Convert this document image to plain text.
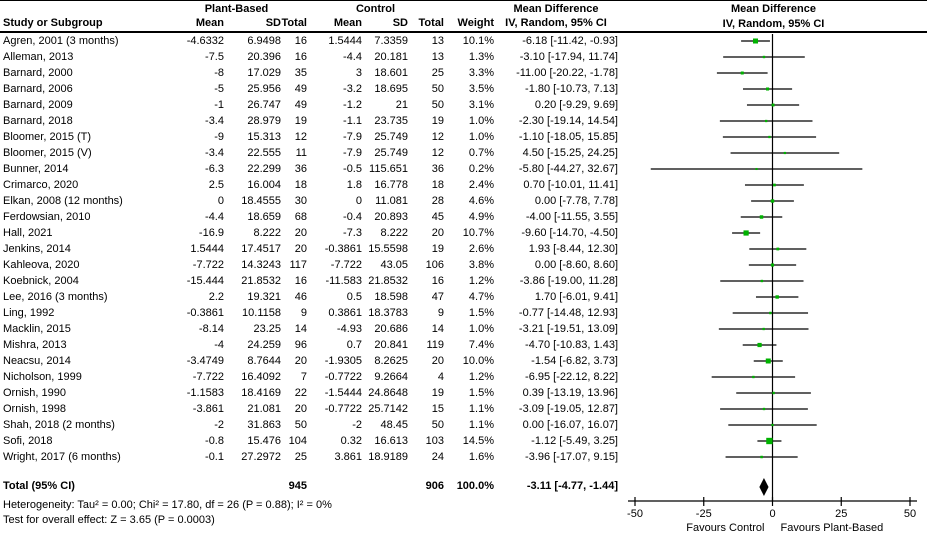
Plant-Based	Control	Mean Difference
Study or Subgroup	Mean	SD Total	Mean	SD Total	Weight	IV, Random, 95% CI
Mean Difference
IV, Random, 95% CI
Agren, 2001 (3 months)	-4.6332	6.9498	16	1.5444	7.3359	13	10.1%	-6.18 [-11.42, -0.93]
Alleman, 2013	-7.5	20.396	16	-4.4	20.181	13	1.3%	-3.10 [-17.94, 11.74]
Barnard, 2000	-8	17.029	35	3	18.601	25	3.3%	-11.00 [-20.22, -1.78]
Barnard, 2006	-5	25.956	49	-3.2	18.695	50	3.5%	-1.80 [-10.73, 7.13]
Barnard, 2009	-1	26.747	49	-1.2	21	50	3.1%	0.20 [-9.29, 9.69]
Barnard, 2018	-3.4	28.979	19	-1.1	23.735	19	1.0%	-2.30 [-19.14, 14.54]
Bloomer, 2015 (T)	-9	15.313	12	-7.9	25.749	12	1.0%	-1.10 [-18.05, 15.85]
Bloomer, 2015 (V)	-3.4	22.555	11	-7.9	25.749	12	0.7%	4.50 [-15.25, 24.25]
Bunner, 2014	-6.3	22.299	36	-0.5 115.651	36	0.2%	-5.80 [-44.27, 32.67]
Crimarco, 2020	2.5	16.004	18	1.8	16.778	18	2.4%	0.70 [-10.01, 11.41]
Elkan, 2008 (12 months)	0	18.4555	30	0	11.081	28	4.6%	0.00 [-7.78, 7.78]
Ferdowsian, 2010	-4.4	18.659	68	-0.4	20.893	45	4.9%	-4.00 [-11.55, 3.55]
Hall, 2021	-16.9	8.222	20	-7.3	8.222	20	10.7%	-9.60 [-14.70, -4.50]
Jenkins, 2014	1.5444	17.4517	20	-0.3861 15.5598	19	2.6%	1.93 [-8.44, 12.30]
Kahleova, 2020	-7.722	14.3243 117	-7.722	43.05	106	3.8%	0.00 [-8.60, 8.60]
Koebnick, 2004	-15.444	21.8532	16	-11.583 21.8532	16	1.2%	-3.86 [-19.00, 11.28]
Lee, 2016 (3 months)	2.2	19.321	46	0.5	18.598	47	4.7%	1.70 [-6.01, 9.41]
Ling, 1992	-0.3861	10.1158	9	0.3861 18.3783	9	1.5%	-0.77 [-14.48, 12.93]
Macklin, 2015	-8.14	23.25	14	-4.93	20.686	14	1.0%	-3.21 [-19.51, 13.09]
Mishra, 2013	-4	24.259	96	0.7	20.841	119	7.4%	-4.70 [-10.83, 1.43]
Neacsu, 2014	-3.4749	8.7644	20	-1.9305	8.2625	20	10.0%	-1.54 [-6.82, 3.73]
Nicholson, 1999	-7.722	16.4092	7	-0.7722	9.2664	4	1.2%	-6.95 [-22.12, 8.22]
Ornish, 1990	-1.1583	18.4169	22	-1.5444 24.8648	19	1.5%	0.39 [-13.19, 13.96]
Ornish, 1998	-3.861	21.081	20	-0.7722 25.7142	15	1.1%	-3.09 [-19.05, 12.87]
Shah, 2018 (2 months)	-2	31.863	50	-2	48.45	50	1.1%	0.00 [-16.07, 16.07]
Sofi, 2018	-0.8	15.476 104	0.32	16.613	103	14.5%	-1.12 [-5.49, 3.25]
Wright, 2017 (6 months)	-0.1	27.2972	25	3.861 18.9189	24	1.6%	-3.96 [-17.07, 9.15]
Total (95% CI)	945	906	100.0%	-3.11 [-4.77, -1.44]
Heterogeneity: Tau² = 0.00; Chi² = 17.80, df = 26 (P = 0.88); I² = 0%
Test for overall effect: Z = 3.65 (P = 0.0003)	-50	-25	0	25	50
Favours Control Favours Plant-Based
